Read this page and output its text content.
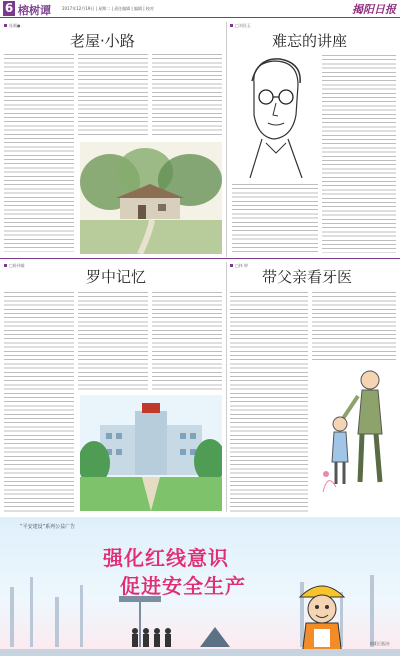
6 榕树谭	2017年12月19日 | 星期二 | 责任编辑 | 编辑 | 校对	揭阳日报
连载●
老屋·小路
□刘昌玉
难忘的讲座
□陈伟雄
罗中记忆
□林 婷
带父亲看牙医
“平安建设”系列公益广告
强化红线意识
促进安全生产
揭阳日报社
